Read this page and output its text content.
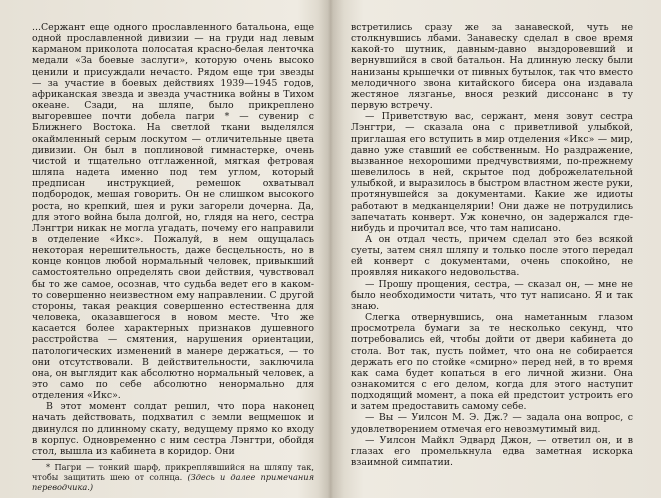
...Сержант еще одного прославленного батальона, еще одной прославленной дивизии — на груди над левым карманом приколота полосатая красно-белая ленточка медали «За боевые заслуги», которую очень высоко ценили и присуждали нечасто. Рядом еще три звезды — за участие в боевых действиях 1939—1945 годов, африканская звезда и звезда участника войны в Тихом океане. Сзади, на шляпе, было прикреплено выгоревшее почти добела пагри * — сувенир с Ближнего Востока. На светлой ткани выделялся окаймленный серым лоскутом — отличительные цвета дивизии. Он был в поплиновой гимнастерке, очень чистой и тщательно отглаженной, мягкая фетровая шляпа надета именно под тем углом, который предписан инструкцией, ремешок охватывал подбородок, мешая говорить. Он не слишком высокого роста, но крепкий, шея и руки загорели дочерна. Да, для этого война была долгой, но, глядя на него, сестра Лэнгтри никак не могла угадать, почему его направили в отделение «Икс». Пожалуй, в нем ощущалась некоторая нерешительность, даже бесцельность, но в конце концов любой нормальный человек, привыкший самостоятельно определять свои действия, чувствовал бы то же самое, осознав, что судьба ведет его в каком-то совершенно неизвестном ему направлении. С другой стороны, такая реакция совершенно естественна для человека, оказавшегося в новом месте. Что же касается более характерных признаков душевного расстройства — смятения, нарушения ориентации, патологических изменений в манере держаться, — то они отсутствовали. В действительности, заключила она, он выглядит как абсолютно нормальный человек, а это само по себе абсолютно ненормально для отделения «Икс».

В этот момент солдат решил, что пора наконец начать действовать, подхватил с земли вещмешок и двинулся по длинному скату, ведущему прямо ко входу в корпус. Одновременно с ним сестра Лэнгтри, обойдя стол, вышла из кабинета в коридор. Они

* Пагри — тонкий шарф, прикреплявшийся на шляпу так, чтобы защитить шею от солнца. (Здесь и далее примечания переводчика.)

встретились сразу же за занавеской, чуть не столкнувшись лбами. Занавеску сделал в свое время какой-то шутник, давным-давно выздоровевший и вернувшийся в свой батальон. На длинную леску были нанизаны крышечки от пивных бутылок, так что вместо мелодичного звона китайского бисера она издавала жестяное лязганье, внося резкий диссонанс в ту первую встречу.

— Приветствую вас, сержант, меня зовут сестра Лэнгтри, — сказала она с приветливой улыбкой, приглашая его вступить в мир отделения «Икс» — мир, давно уже ставший ее собственным. Но раздражение, вызванное нехорошими предчувствиями, по-прежнему шевелилось в ней, скрытое под доброжелательной улыбкой, и выразилось в быстром властном жесте руки, протянувшейся за документами. Какие же идиоты работают в медканцелярии! Они даже не потрудились запечатать конверт. Уж конечно, он задержался где-нибудь и прочитал все, что там написано.

А он отдал честь, причем сделал это без всякой суеты, затем снял шляпу и только после этого передал ей конверт с документами, очень спокойно, не проявляя никакого недовольства.

— Прошу прощения, сестра, — сказал он, — мне не было необходимости читать, что тут написано. Я и так знаю.

Слегка отвернувшись, она наметанным глазом просмотрела бумаги за те несколько секунд, что потребовались ей, чтобы дойти от двери кабинета до стола. Вот так, пусть поймет, что она не собирается держать его по стойке «смирно» перед ней, в то время как сама будет копаться в его личной жизни. Она ознакомится с его делом, когда для этого наступит подходящий момент, а пока ей предстоит устроить его и затем предоставить самому себе.

— Вы — Уилсон М. Э. Дж.? — задала она вопрос, с удовлетворением отмечая его невозмутимый вид.

— Уилсон Майкл Эдвард Джон, — ответил он, и в глазах его промелькнула едва заметная искорка взаимной симпатии.
